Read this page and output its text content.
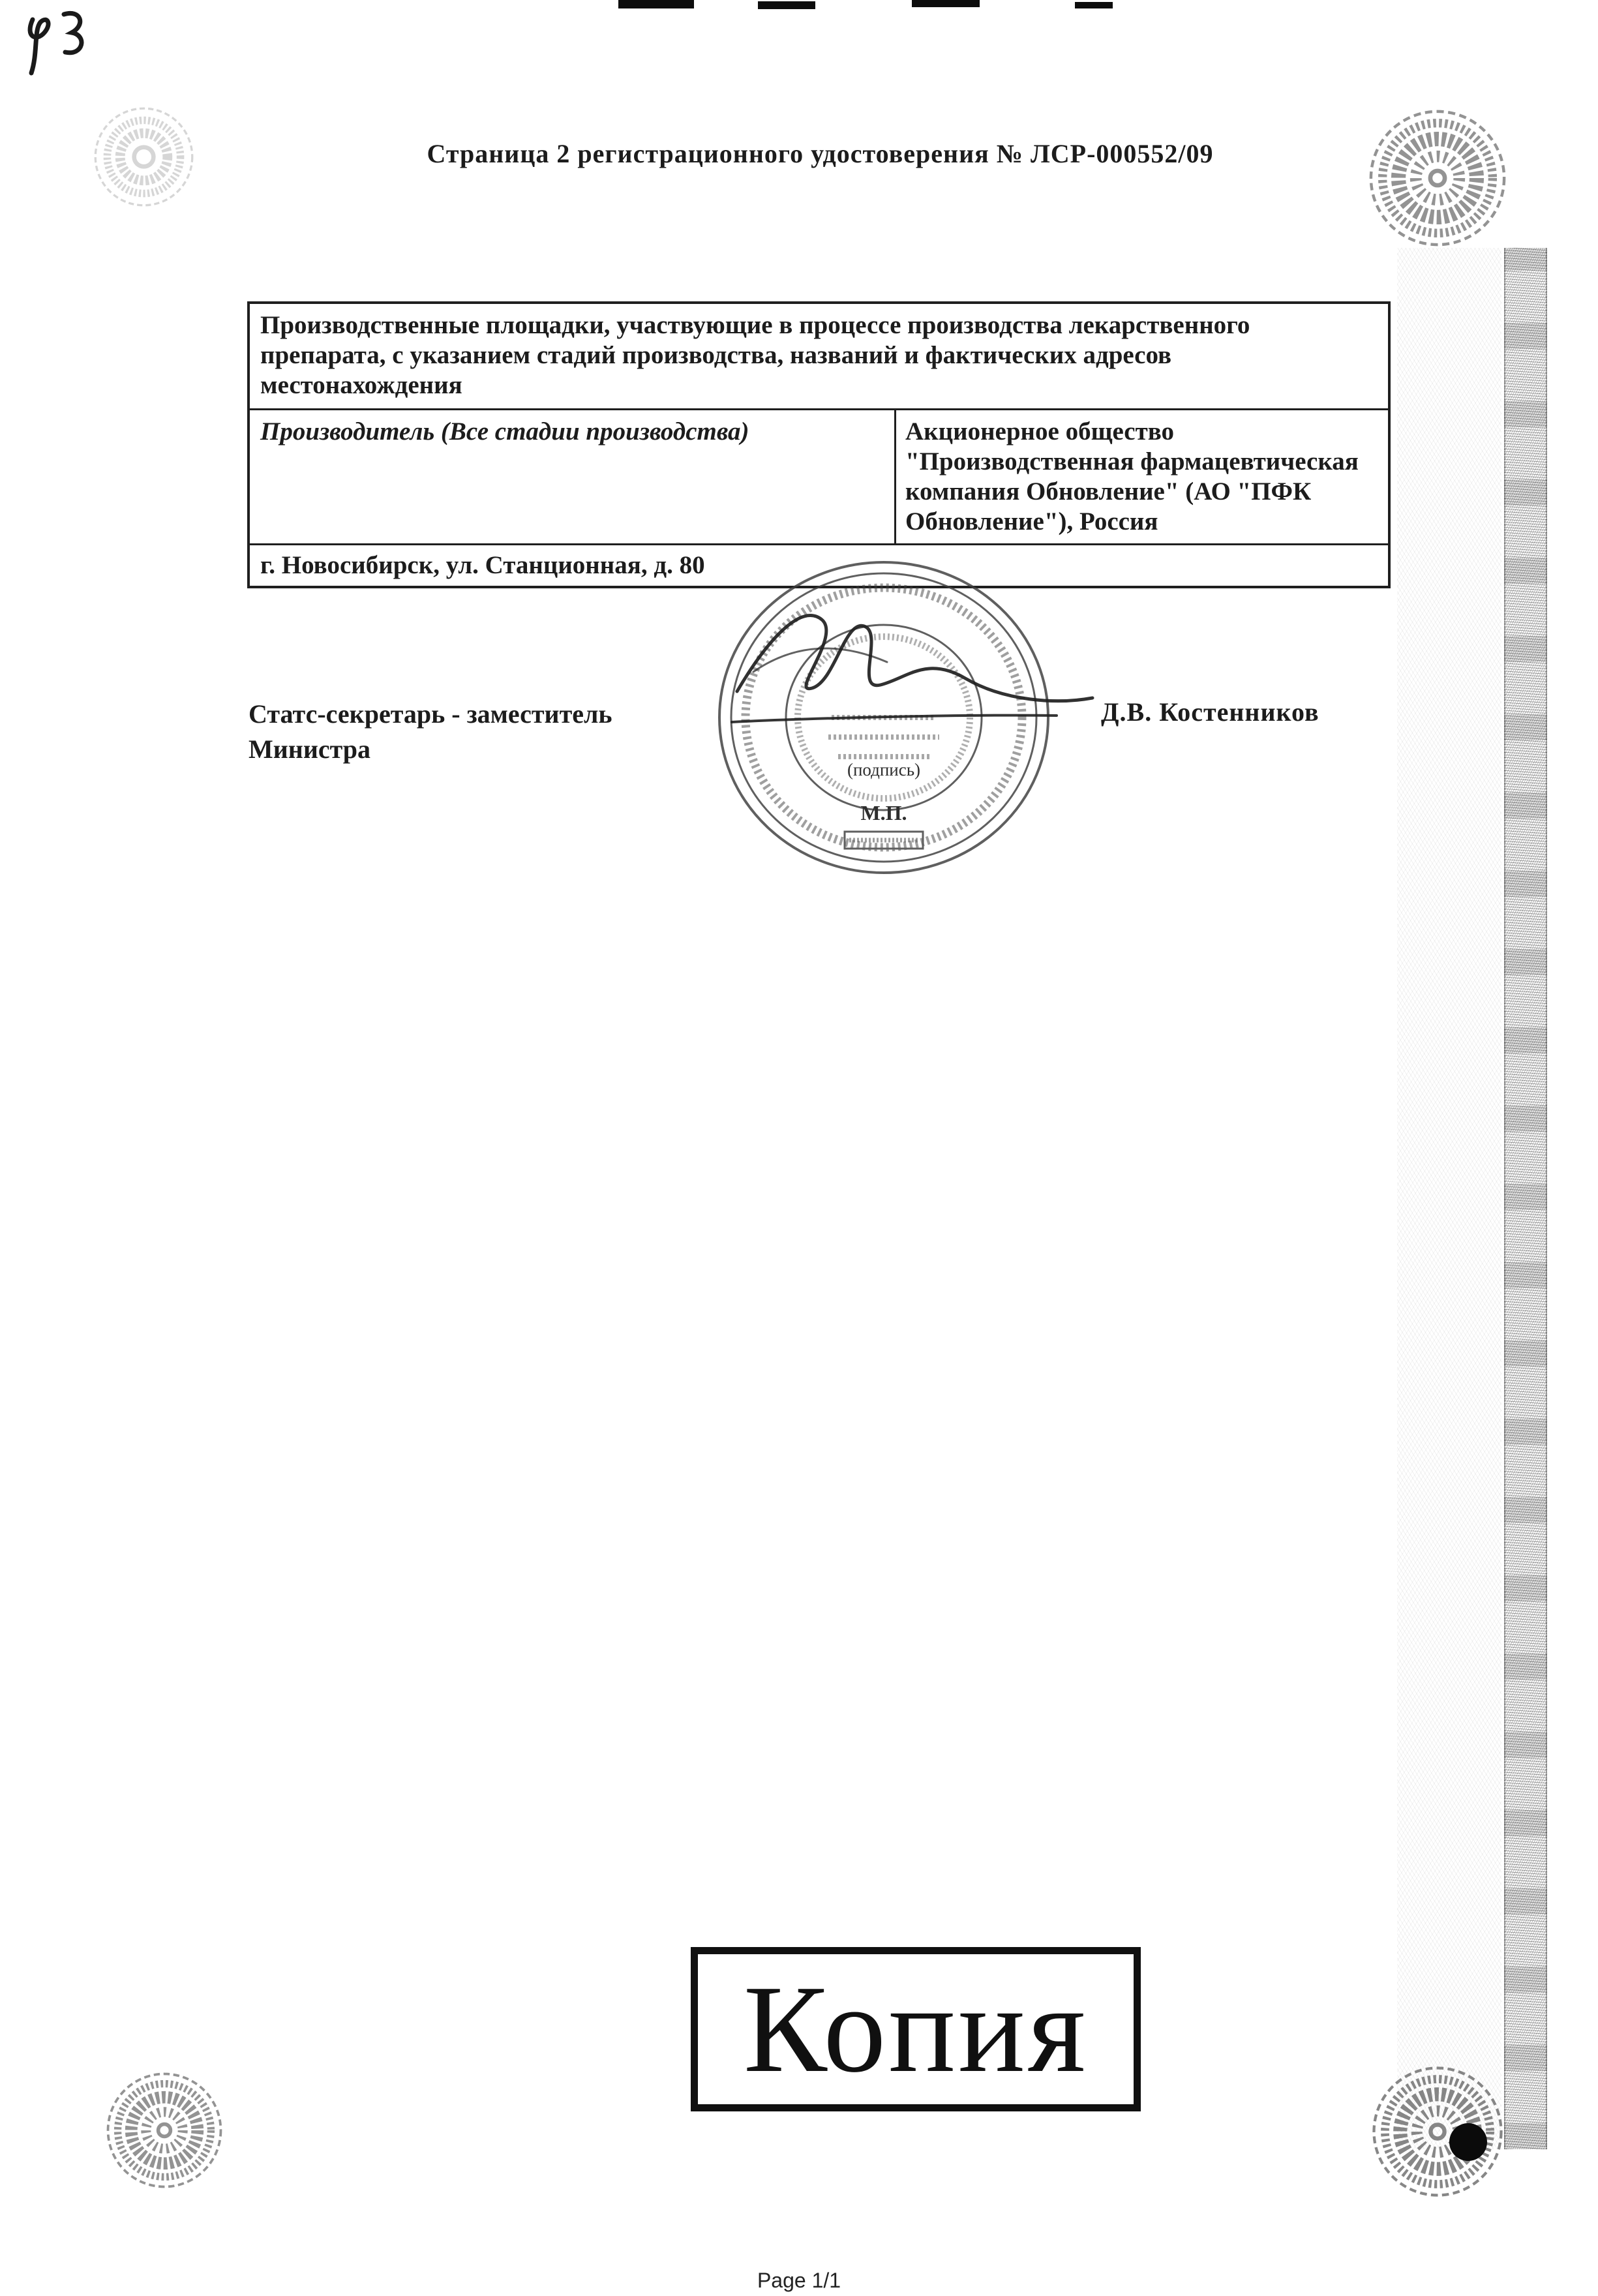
Страница 2 регистрационного удостоверения № ЛСР-000552/09
Производственные площадки, участвующие в процессе производства лекарственного препарата, с указанием стадий производства, названий и фактических адресов местонахождения
Производитель (Все стадии производства)	Акционерное общество "Производственная фармацевтическая компания Обновление" (АО "ПФК Обновление"), Россия
г. Новосибирск, ул. Станционная, д. 80
Статс-секретарь - заместитель
Министра
Д.В. Костенников
(подпись)
М.П.
Копия
Page 1/1
